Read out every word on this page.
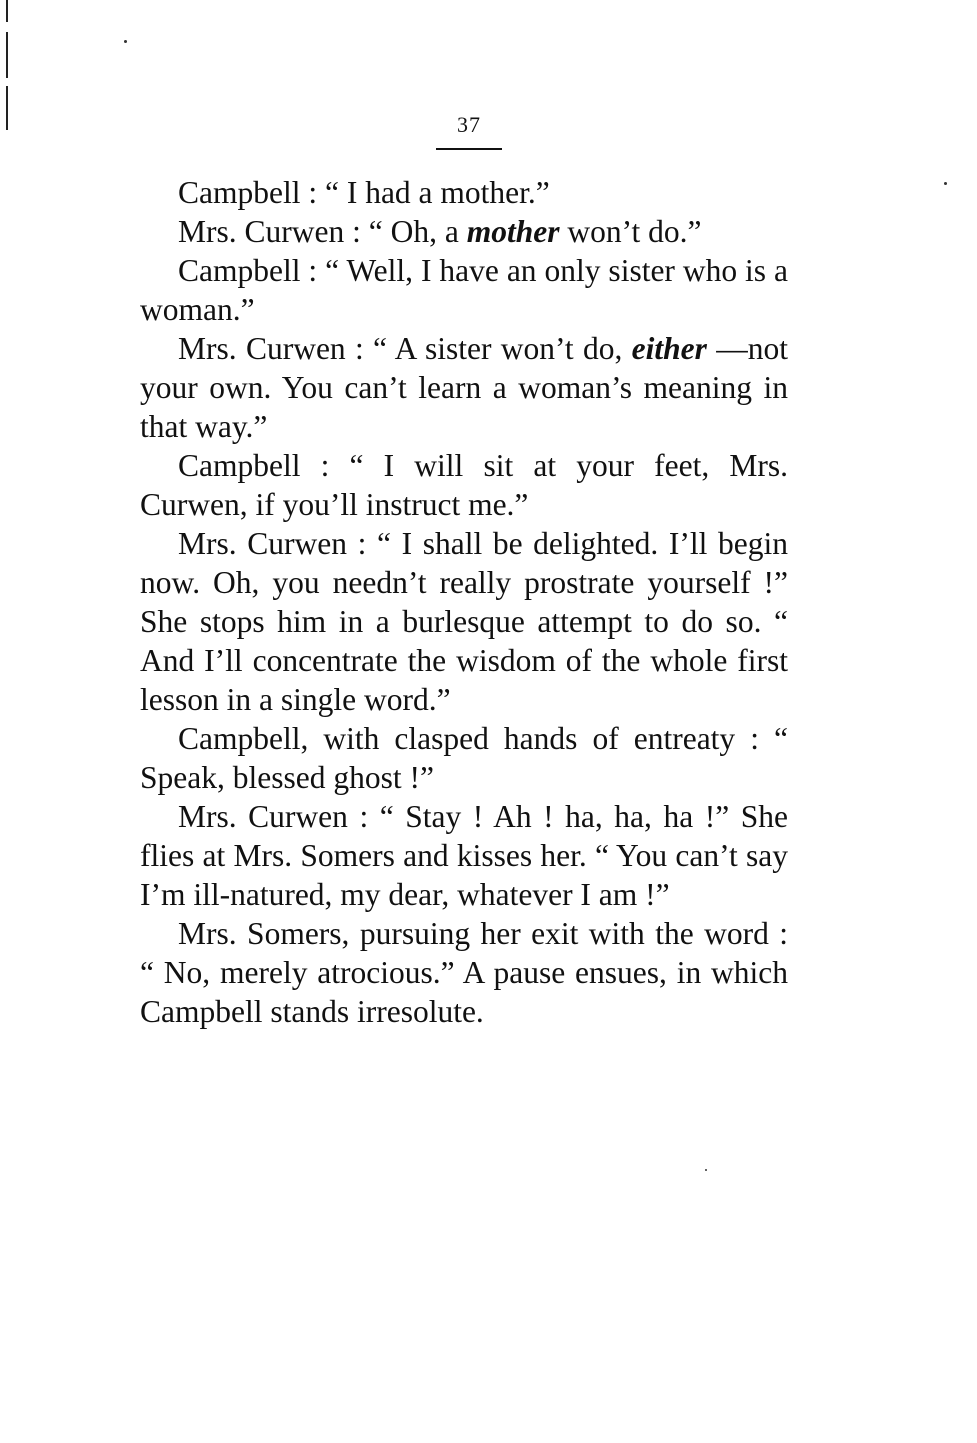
37

Campbell : “ I had a mother.”

Mrs. Curwen : “ Oh, a mother won’t do.”

Campbell : “ Well, I have an only sister who is a woman.”

Mrs. Curwen : “ A sister won’t do, either —not your own. You can’t learn a woman’s meaning in that way.”

Campbell : “ I will sit at your feet, Mrs. Curwen, if you’ll instruct me.”

Mrs. Curwen : “ I shall be delighted. I’ll begin now. Oh, you needn’t really prostrate yourself !” She stops him in a burlesque attempt to do so. “ And I’ll concentrate the wisdom of the whole first lesson in a single word.”

Campbell, with clasped hands of entreaty : “ Speak, blessed ghost !”

Mrs. Curwen : “ Stay ! Ah ! ha, ha, ha !” She flies at Mrs. Somers and kisses her. “ You can’t say I’m ill-natured, my dear, whatever I am !”

Mrs. Somers, pursuing her exit with the word : “ No, merely atrocious.” A pause ensues, in which Campbell stands irresolute.
